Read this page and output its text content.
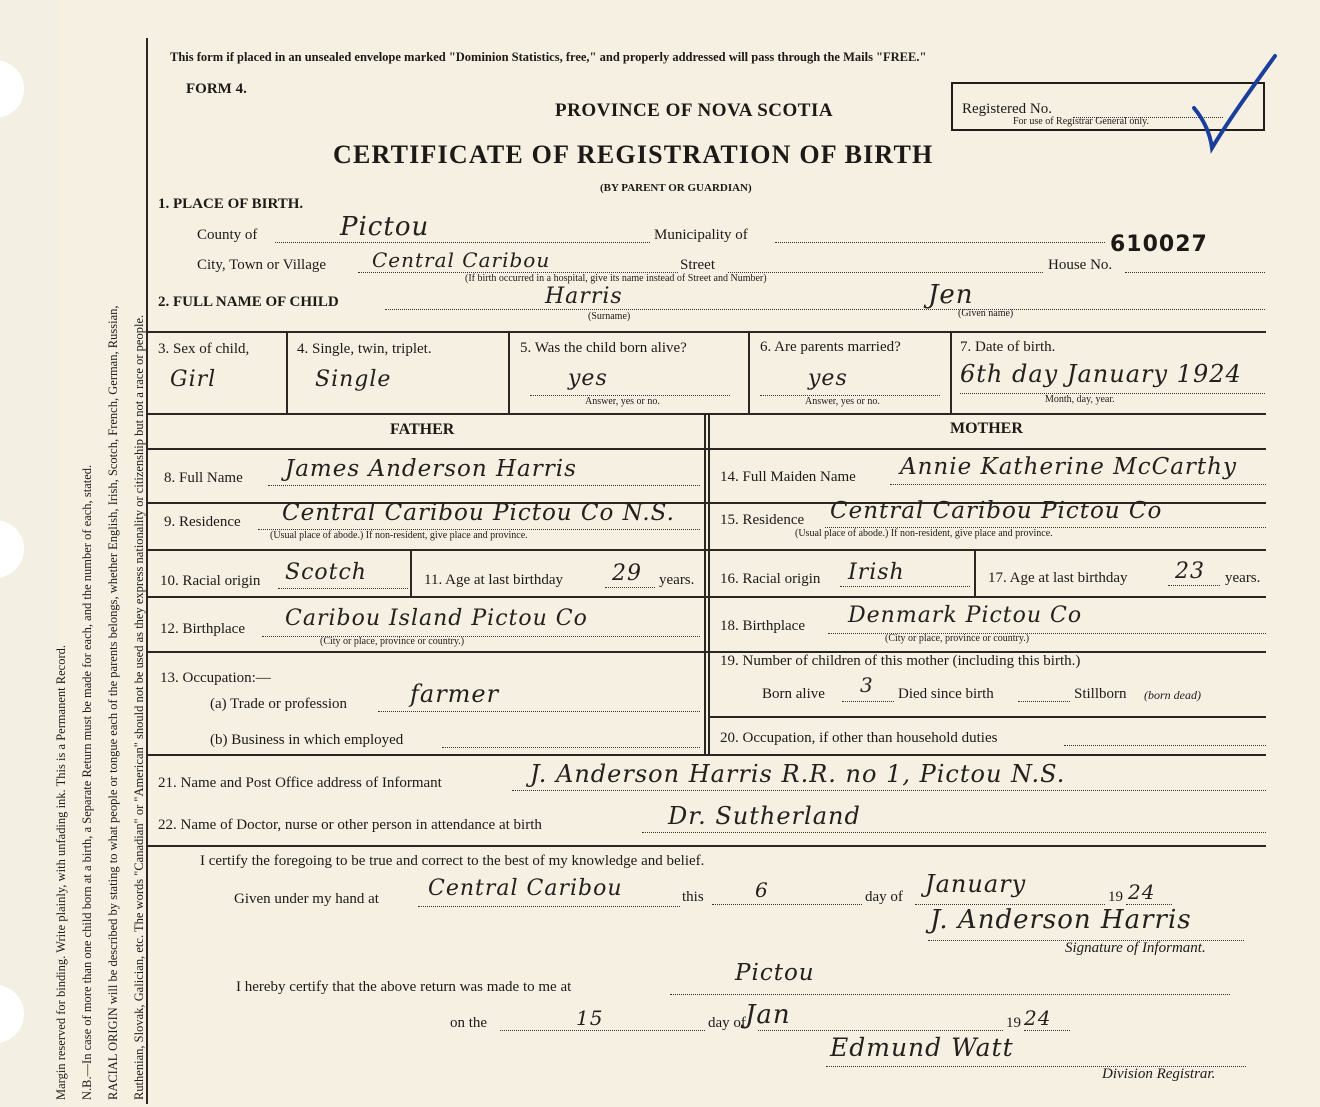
Margin reserved for binding. Write plainly, with unfading ink. This is a Permanent Record. N.B.—In case of more than one child born at a birth, a Separate Return must be made for each, and the number of each, stated. RACIAL ORIGIN will be described by stating to what people or tongue each of the parents belongs, whether English, Irish, Scotch, French, German, Russian, Ruthenian, Slovak, Galician, etc. The words "Canadian" or "American" should not be used as they express nationality or citizenship but not a race or people.
This form if placed in an unsealed envelope marked "Dominion Statistics, free," and properly addressed will pass through the Mails "FREE."
FORM 4.
PROVINCE OF NOVA SCOTIA
CERTIFICATE OF REGISTRATION OF BIRTH
(BY PARENT OR GUARDIAN)
Registered No.
For use of Registrar General only.
610027
1. PLACE OF BIRTH.
County of	Pictou	Municipality of
City, Town or Village Central Caribou	Street	House No.
(If birth occurred in a hospital, give its name instead of Street and Number)
2. FULL NAME OF CHILD	Harris
(Surname)
Jen
(Given name)
3. Sex of child,
Girl
4. Single, twin, triplet.
Single
5. Was the child born alive?
yes
Answer, yes or no.
6. Are parents married?
yes
Answer, yes or no.
7. Date of birth.
6th day January 1924
Month, day, year.
FATHER	MOTHER
8. Full Name James Anderson Harris
9. Residence Central Caribou Pictou Co N.S.
(Usual place of abode.) If non-resident, give place and province.
10. Racial origin Scotch	11. Age at last birthday 29 years.
12. Birthplace Caribou Island Pictou Co
(City or place, province or country.)
13. Occupation:—
(a) Trade or profession	farmer
(b) Business in which employed
14. Full Maiden Name Annie Katherine McCarthy
15. Residence Central Caribou Pictou Co
(Usual place of abode.) If non-resident, give place and province.
16. Racial origin Irish	17. Age at last birthday 23 years.
18. Birthplace Denmark Pictou Co
(City or place, province or country.)
19. Number of children of this mother (including this birth.)
Born alive 3 Died since birth	Stillborn (born dead)
20. Occupation, if other than household duties
21. Name and Post Office address of Informant	J. Anderson Harris R.R. no 1, Pictou N.S.
22. Name of Doctor, nurse or other person in attendance at birth	Dr. Sutherland
I certify the foregoing to be true and correct to the best of my knowledge and belief.
Given under my hand at Central Caribou	this	6	day of January	19 24
J. Anderson Harris
Signature of Informant.
I hereby certify that the above return was made to me at
Pictou
on the	15	day of Jan	19 24
Edmund Watt
Division Registrar.
